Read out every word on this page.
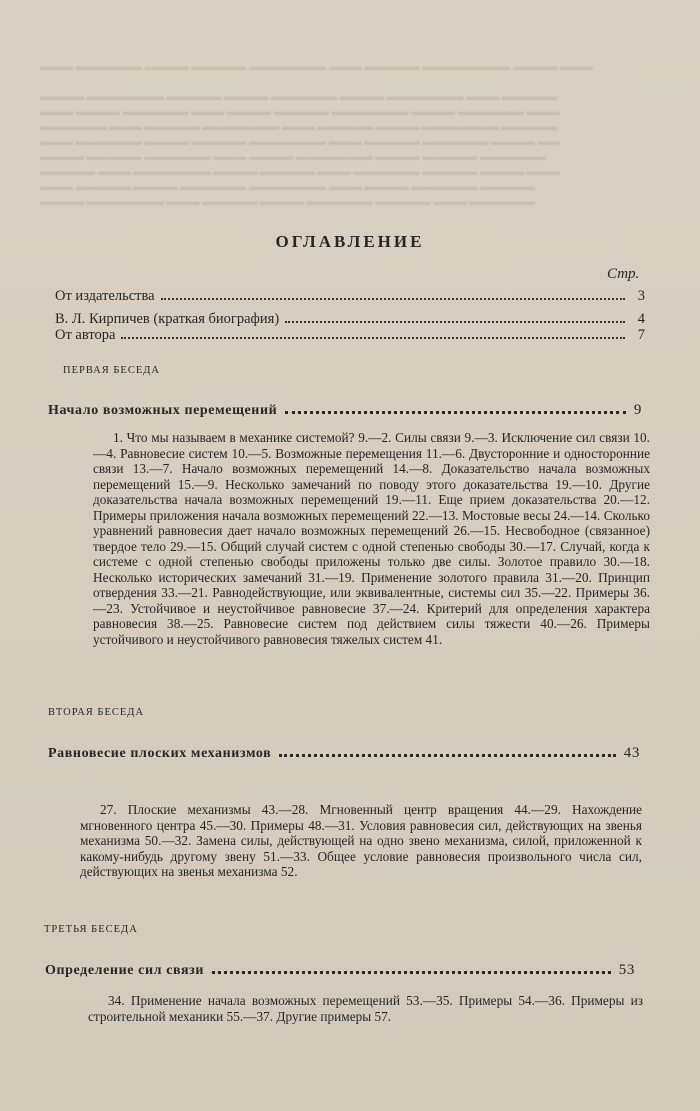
▬▬▬ ▬▬▬▬▬▬ ▬▬▬▬ ▬▬▬▬▬ ▬▬▬▬▬▬▬ ▬▬▬ ▬▬▬▬▬ ▬▬▬▬▬▬▬▬ ▬▬▬▬ ▬▬▬

▬▬▬▬ ▬▬▬▬▬▬▬ ▬▬▬▬▬ ▬▬▬▬ ▬▬▬▬▬▬ ▬▬▬▬ ▬▬▬▬▬▬▬ ▬▬▬ ▬▬▬▬▬
▬▬▬ ▬▬▬▬ ▬▬▬▬▬▬ ▬▬▬ ▬▬▬▬ ▬▬▬▬▬ ▬▬▬▬▬▬▬ ▬▬▬▬ ▬▬▬▬▬▬ ▬▬▬
▬▬▬▬▬▬ ▬▬▬ ▬▬▬▬▬ ▬▬▬▬▬▬▬ ▬▬▬ ▬▬▬▬▬ ▬▬▬▬ ▬▬▬▬▬▬▬ ▬▬▬▬▬
▬▬▬ ▬▬▬▬▬▬ ▬▬▬▬ ▬▬▬▬▬ ▬▬▬▬▬▬▬ ▬▬▬ ▬▬▬▬▬ ▬▬▬▬▬▬ ▬▬▬▬ ▬▬
▬▬▬▬ ▬▬▬▬▬ ▬▬▬▬▬▬ ▬▬▬ ▬▬▬▬ ▬▬▬▬▬▬▬ ▬▬▬▬ ▬▬▬▬▬ ▬▬▬▬▬▬
▬▬▬▬▬ ▬▬▬ ▬▬▬▬▬▬▬ ▬▬▬▬ ▬▬▬▬▬ ▬▬▬ ▬▬▬▬▬▬ ▬▬▬▬▬ ▬▬▬▬ ▬▬▬
▬▬▬ ▬▬▬▬▬ ▬▬▬▬ ▬▬▬▬▬▬ ▬▬▬▬▬▬▬ ▬▬▬ ▬▬▬▬ ▬▬▬▬▬▬ ▬▬▬▬▬
▬▬▬▬ ▬▬▬▬▬▬▬ ▬▬▬ ▬▬▬▬▬ ▬▬▬▬ ▬▬▬▬▬▬ ▬▬▬▬▬ ▬▬▬ ▬▬▬▬▬▬
ОГЛАВЛЕНИЕ
Стр.
От издательства	3
В. Л. Кирпичев (краткая биография)	4
От автора	7
ПЕРВАЯ БЕСЕДА
Начало возможных перемещений	9
1. Что мы называем в механике системой? 9.—2. Силы связи 9.—3. Исключение сил связи 10.—4. Равновесие систем 10.—5. Возможные перемещения 11.—6. Двусторонние и односторонние связи 13.—7. Начало возможных перемещений 14.—8. Доказательство начала возможных перемещений 15.—9. Несколько замечаний по поводу этого доказательства 19.—10. Другие доказательства начала возможных перемещений 19.—11. Еще прием доказательства 20.—12. Примеры приложения начала возможных перемещений 22.—13. Мостовые весы 24.—14. Сколько уравнений равновесия дает начало возможных перемещений 26.—15. Несвободное (связанное) твердое тело 29.—15. Общий случай систем с одной степенью свободы 30.—17. Случай, когда к системе с одной степенью свободы приложены только две силы. Золотое правило 30.—18. Несколько исторических замечаний 31.—19. Применение золотого правила 31.—20. Принцип отвердения 33.—21. Равнодействующие, или эквивалентные, системы сил 35.—22. Примеры 36.—23. Устойчивое и неустойчивое равновесие 37.—24. Критерий для определения характера равновесия 38.—25. Равновесие систем под действием силы тяжести 40.—26. Примеры устойчивого и неустойчивого равновесия тяжелых систем 41.
ВТОРАЯ БЕСЕДА
Равновесие плоских механизмов	43
27. Плоские механизмы 43.—28. Мгновенный центр вращения 44.—29. Нахождение мгновенного центра 45.—30. Примеры 48.—31. Условия равновесия сил, действующих на звенья механизма 50.—32. Замена силы, действующей на одно звено механизма, силой, приложенной к какому-нибудь другому звену 51.—33. Общее условие равновесия произвольного числа сил, действующих на звенья механизма 52.
ТРЕТЬЯ БЕСЕДА
Определение сил связи	53
34. Применение начала возможных перемещений 53.—35. Примеры 54.—36. Примеры из строительной механики 55.—37. Другие примеры 57.
